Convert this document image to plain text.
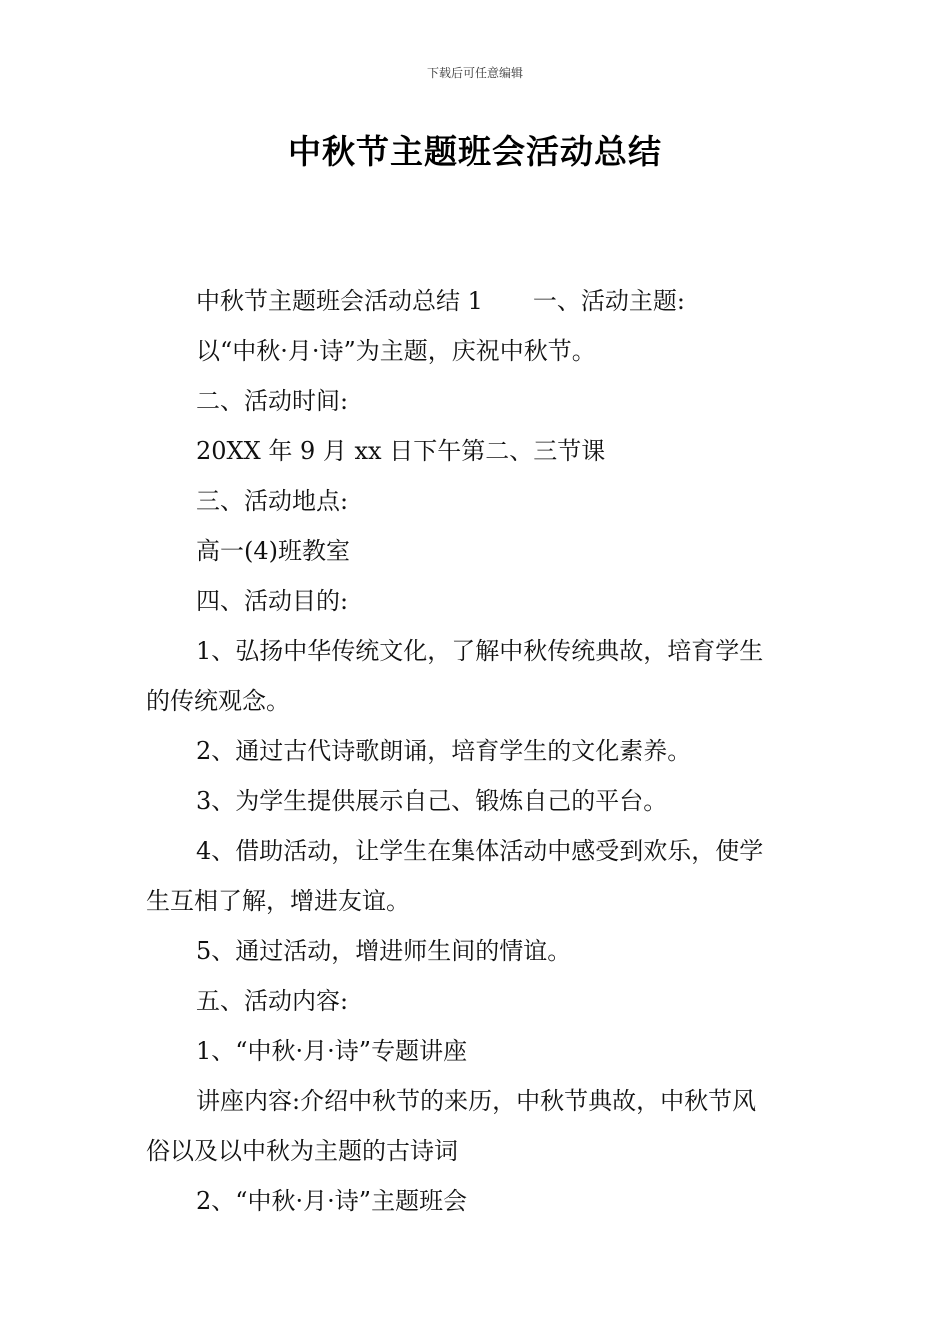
下载后可任意编辑
中秋节主题班会活动总结

中秋节主题班会活动总结 1 一、活动主题:

以“中秋·月·诗”为主题，庆祝中秋节。

二、活动时间:

20XX 年 9 月 xx 日下午第二、三节课

三、活动地点:

高一(4)班教室

四、活动目的:

1、弘扬中华传统文化，了解中秋传统典故，培育学生

的传统观念。

2、通过古代诗歌朗诵，培育学生的文化素养。

3、为学生提供展示自己、锻炼自己的平台。

4、借助活动，让学生在集体活动中感受到欢乐，使学

生互相了解，增进友谊。

5、通过活动，增进师生间的情谊。

五、活动内容:

1、“中秋·月·诗”专题讲座

讲座内容:介绍中秋节的来历，中秋节典故，中秋节风

俗以及以中秋为主题的古诗词

2、“中秋·月·诗”主题班会
